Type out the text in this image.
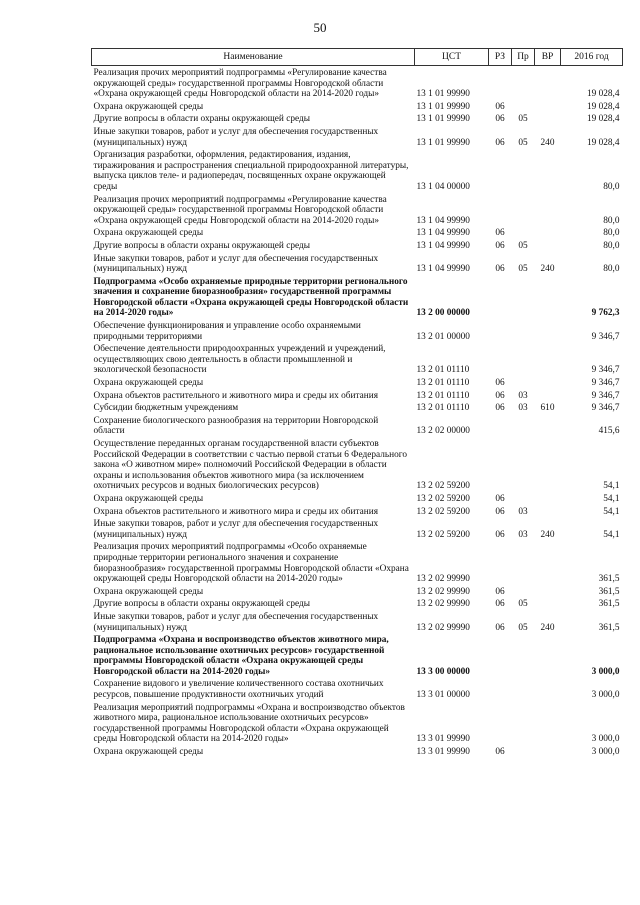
50
Наименование	ЦСТ	РЗ	Пр	ВР	2016 год
Реализация прочих мероприятий подпрограммы «Регулирование качества окружающей среды» государственной программы Новгородской области «Охрана окружающей среды Новгородской области на 2014-2020 годы»	13 1 01 99990				19 028,4
Охрана окружающей среды	13 1 01 99990	06			19 028,4
Другие вопросы в области охраны окружающей среды	13 1 01 99990	06	05		19 028,4
Иные закупки товаров, работ и услуг для обеспечения государственных (муниципальных) нужд	13 1 01 99990	06	05	240	19 028,4
Организация разработки, оформления, редактирования, издания, тиражирования и распространения специальной природоохранной литературы, выпуска циклов теле- и радиопередач, посвященных охране окружающей среды	13 1 04 00000				80,0
Реализация прочих мероприятий подпрограммы «Регулирование качества окружающей среды» государственной программы Новгородской области «Охрана окружающей среды Новгородской области на 2014-2020 годы»	13 1 04 99990				80,0
Охрана окружающей среды	13 1 04 99990	06			80,0
Другие вопросы в области охраны окружающей среды	13 1 04 99990	06	05		80,0
Иные закупки товаров, работ и услуг для обеспечения государственных (муниципальных) нужд	13 1 04 99990	06	05	240	80,0
Подпрограмма «Особо охраняемые природные территории регионального значения и сохранение биоразнообразия» государственной программы Новгородской области «Охрана окружающей среды Новгородской области на 2014-2020 годы»	13 2 00 00000				9 762,3
Обеспечение функционирования и управление особо охраняемыми природными территориями	13 2 01 00000				9 346,7
Обеспечение деятельности природоохранных учреждений и учреждений, осуществляющих свою деятельность в области промышленной и экологической безопасности	13 2 01 01110				9 346,7
Охрана окружающей среды	13 2 01 01110	06			9 346,7
Охрана объектов растительного и животного мира и среды их обитания	13 2 01 01110	06	03		9 346,7
Субсидии бюджетным учреждениям	13 2 01 01110	06	03	610	9 346,7
Сохранение биологического разнообразия на территории Новгородской области	13 2 02 00000				415,6
Осуществление переданных органам государственной власти субъектов Российской Федерации в соответствии с частью первой статьи 6 Федерального закона «О животном мире» полномочий Российской Федерации в области охраны и использования объектов животного мира (за исключением охотничьих ресурсов и водных биологических ресурсов)	13 2 02 59200				54,1
Охрана окружающей среды	13 2 02 59200	06			54,1
Охрана объектов растительного и животного мира и среды их обитания	13 2 02 59200	06	03		54,1
Иные закупки товаров, работ и услуг для обеспечения государственных (муниципальных) нужд	13 2 02 59200	06	03	240	54,1
Реализация прочих мероприятий подпрограммы «Особо охраняемые природные территории регионального значения и сохранение биоразнообразия» государственной программы Новгородской области «Охрана окружающей среды Новгородской области на 2014-2020 годы»	13 2 02 99990				361,5
Охрана окружающей среды	13 2 02 99990	06			361,5
Другие вопросы в области охраны окружающей среды	13 2 02 99990	06	05		361,5
Иные закупки товаров, работ и услуг для обеспечения государственных (муниципальных) нужд	13 2 02 99990	06	05	240	361,5
Подпрограмма «Охрана и воспроизводство объектов животного мира, рациональное использование охотничьих ресурсов» государственной программы Новгородской области «Охрана окружающей среды Новгородской области на 2014-2020 годы»	13 3 00 00000				3 000,0
Сохранение видового и увеличение количественного состава охотничьих ресурсов, повышение продуктивности охотничьих угодий	13 3 01 00000				3 000,0
Реализация мероприятий подпрограммы «Охрана и воспроизводство объектов животного мира, рациональное использование охотничьих ресурсов» государственной программы Новгородской области «Охрана окружающей среды Новгородской области на 2014-2020 годы»	13 3 01 99990				3 000,0
Охрана окружающей среды	13 3 01 99990	06			3 000,0
